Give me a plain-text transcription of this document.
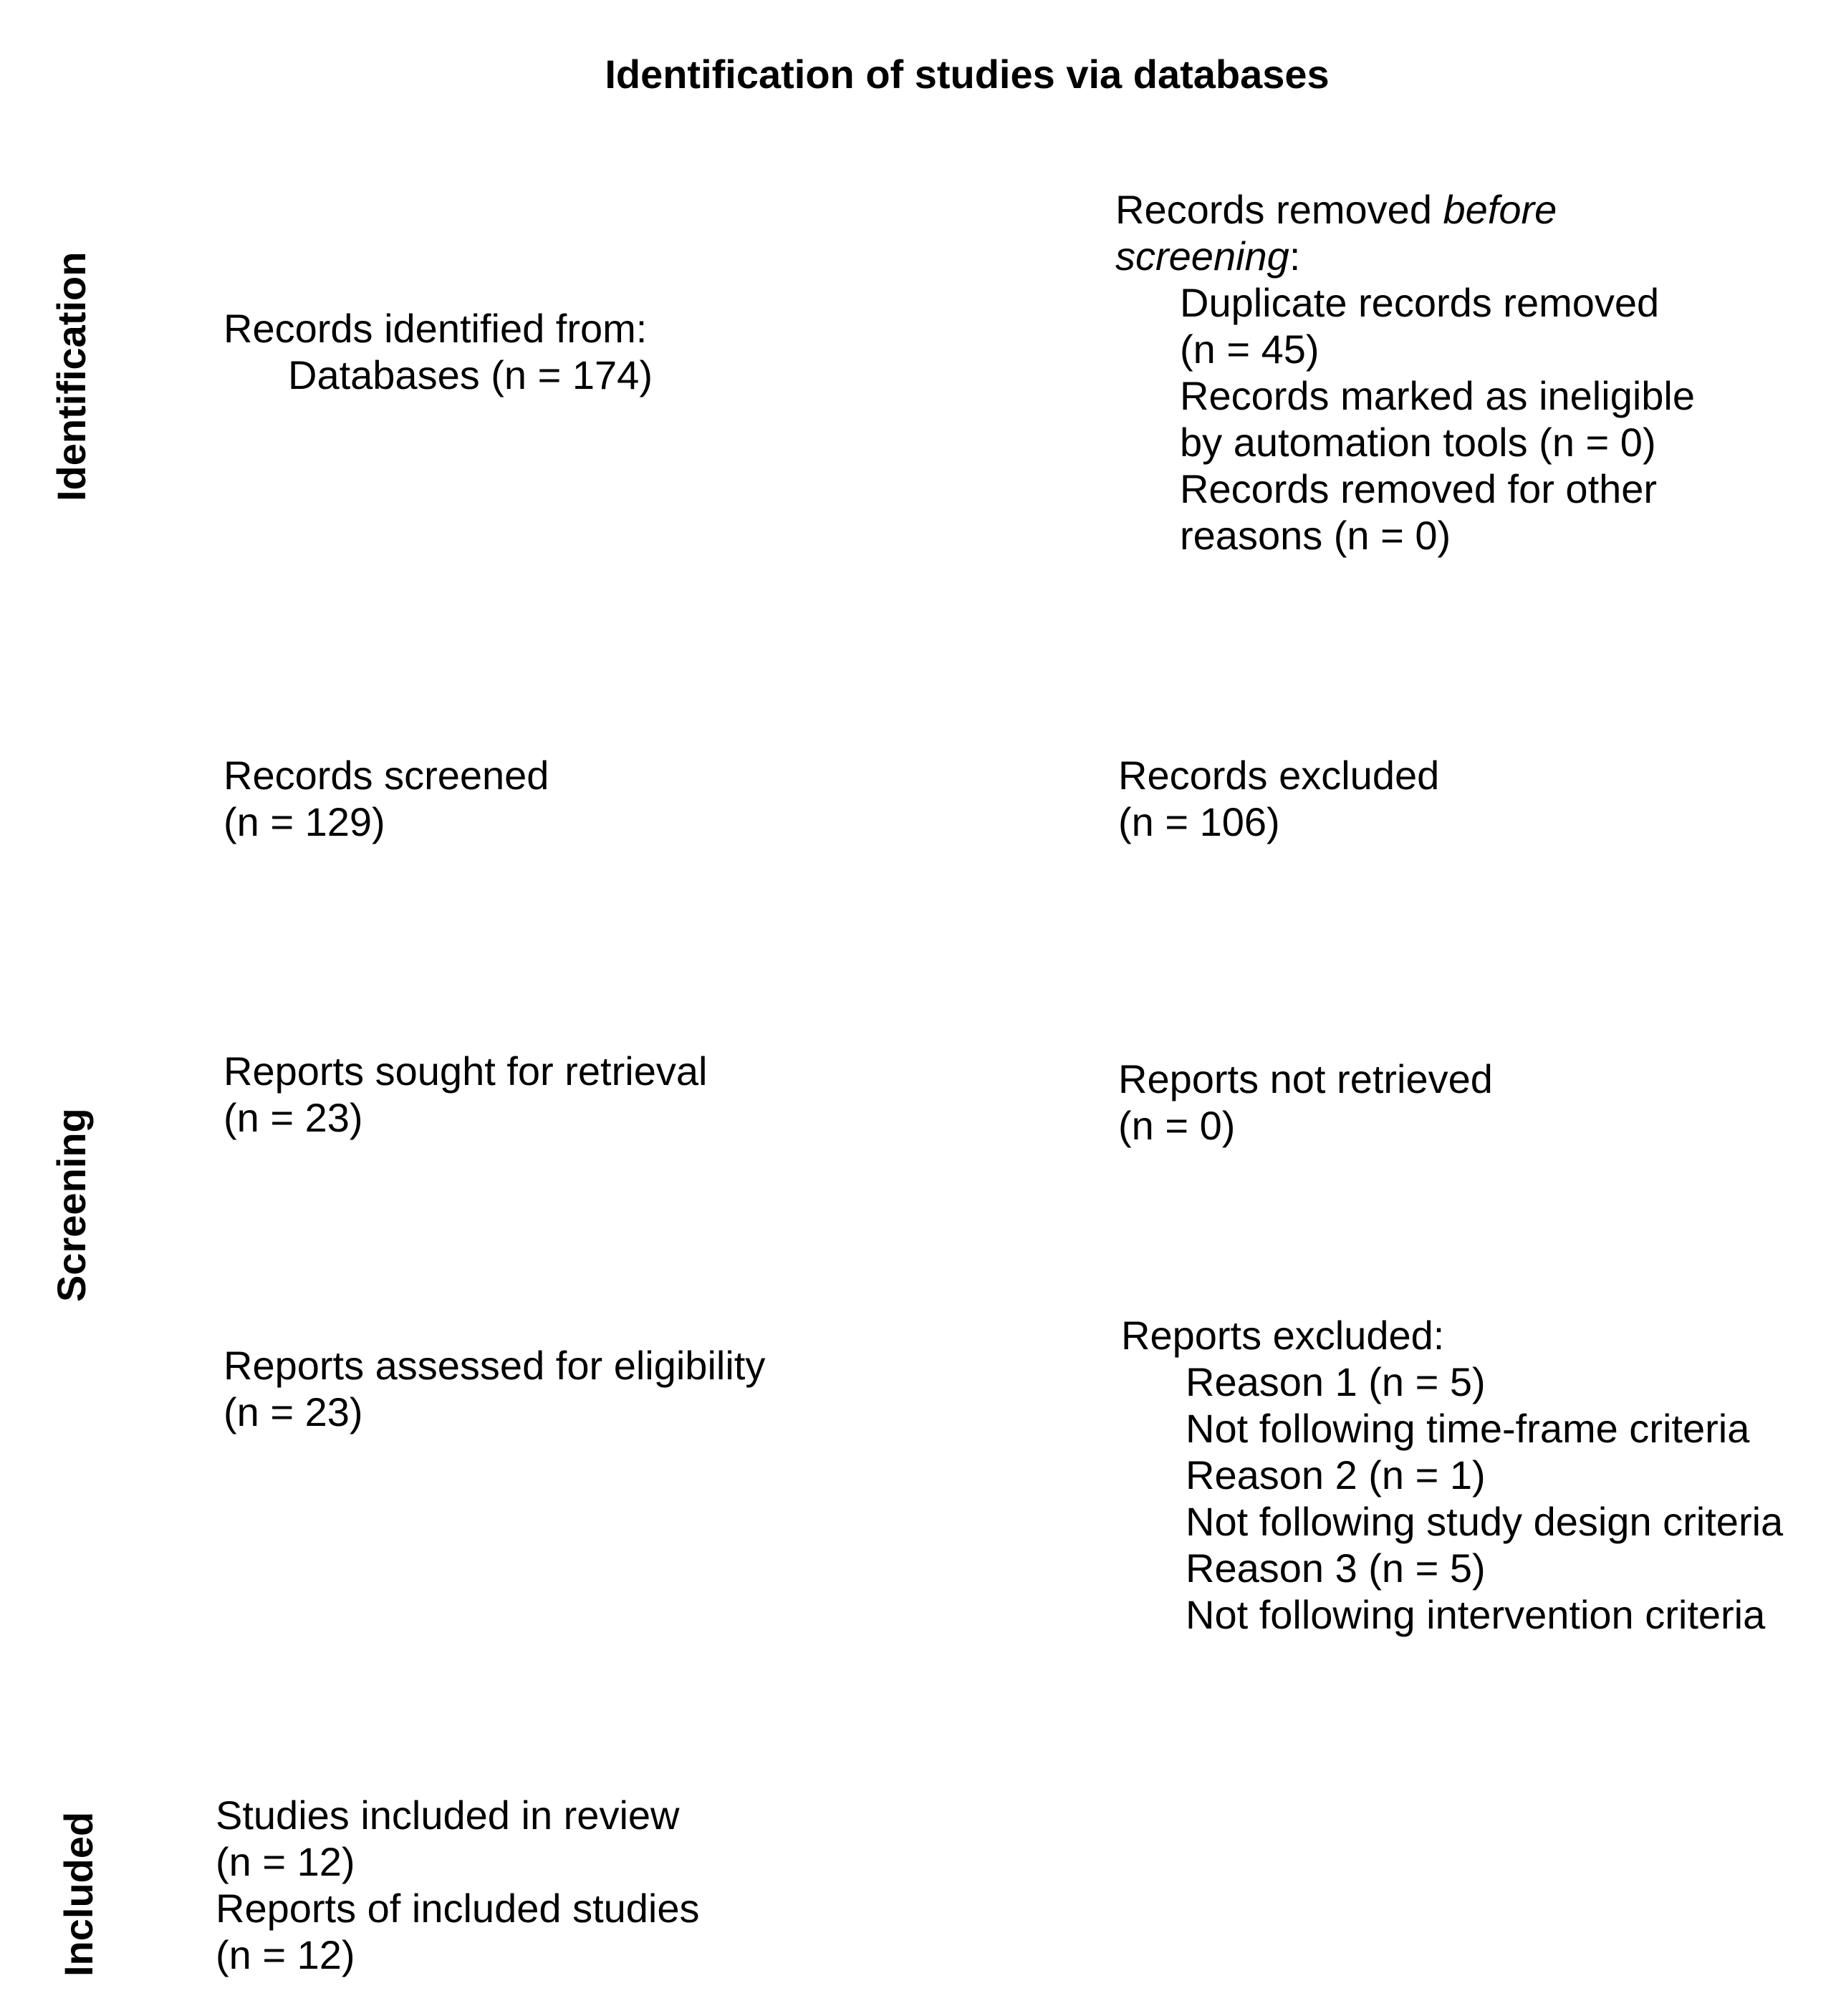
Identification of studies via databases
Identification
Screening
Included
Records identified from:
Databases (n = 174)
Records removed before
screening:
Duplicate records removed
(n = 45)
Records marked as ineligible
by automation tools (n = 0)
Records removed for other
reasons (n = 0)
Records screened
(n = 129)
Records excluded
(n = 106)
Reports sought for retrieval
(n = 23)
Reports not retrieved
(n = 0)
Reports assessed for eligibility
(n = 23)
Reports excluded:
Reason 1 (n = 5)
Not following time-frame criteria
Reason 2 (n = 1)
Not following study design criteria
Reason 3 (n = 5)
Not following intervention criteria
Studies included in review
(n = 12)
Reports of included studies
(n = 12)
